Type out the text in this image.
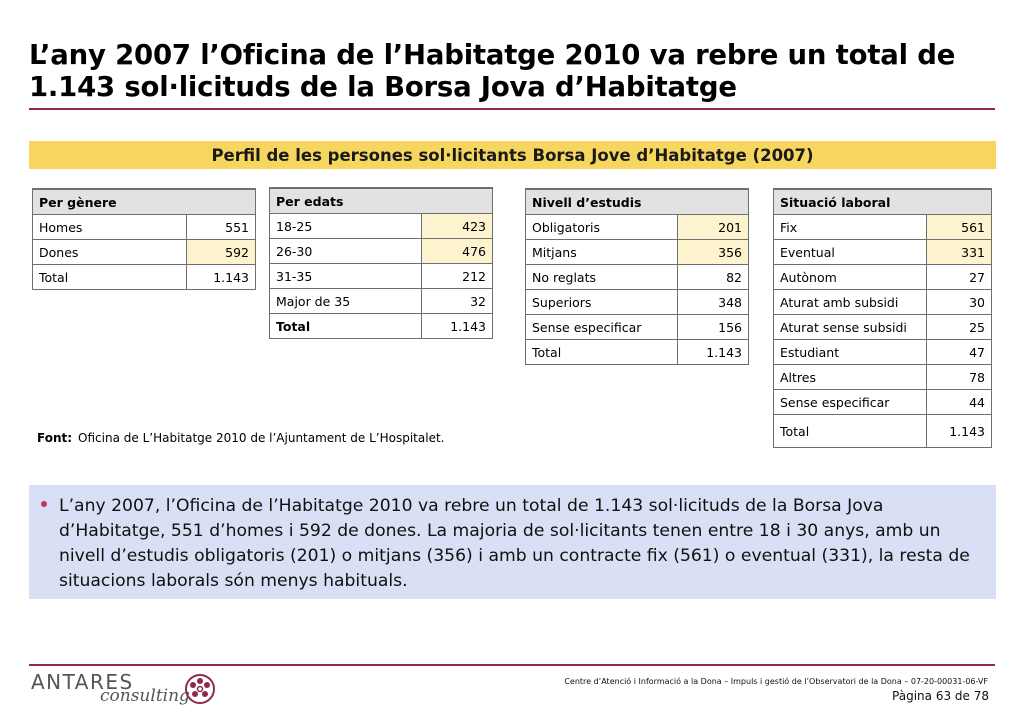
L’any 2007 l’Oficina de l’Habitatge 2010 va rebre un total de 1.143 sol·licituds de la Borsa Jova d’Habitatge
Perfil de les persones sol·licitants Borsa Jove d’Habitatge (2007)
Per gènere	
Homes	551
Dones	592
Total	1.143
Per edats	
18-25	423
26-30	476
31-35	212
Major de 35	32
Total	1.143
Nivell d’estudis	
Obligatoris	201
Mitjans	356
No reglats	82
Superiors	348
Sense especificar	156
Total	1.143
Situació laboral	
Fix	561
Eventual	331
Autònom	27
Aturat amb subsidi	30
Aturat sense subsidi	25
Estudiant	47
Altres	78
Sense especificar	44
Total	1.143
Font: Oficina de L’Habitatge 2010 de l’Ajuntament de L’Hospitalet.

L’any 2007, l’Oficina de l’Habitatge 2010 va rebre un total de 1.143 sol·licituds de la Borsa Jova d’Habitatge, 551 d’homes i 592 de dones. La majoria de sol·licitants tenen entre 18 i 30 anys, amb un nivell d’estudis obligatoris (201) o mitjans (356) i amb un contracte fix (561) o eventual (331), la resta de situacions laborals són menys habituals.

ANTARES
consulting
Centre d’Atenció i Informació a la Dona – Impuls i gestió de l’Observatori de la Dona – 07-20-00031-06-VF
Pàgina 63 de 78
